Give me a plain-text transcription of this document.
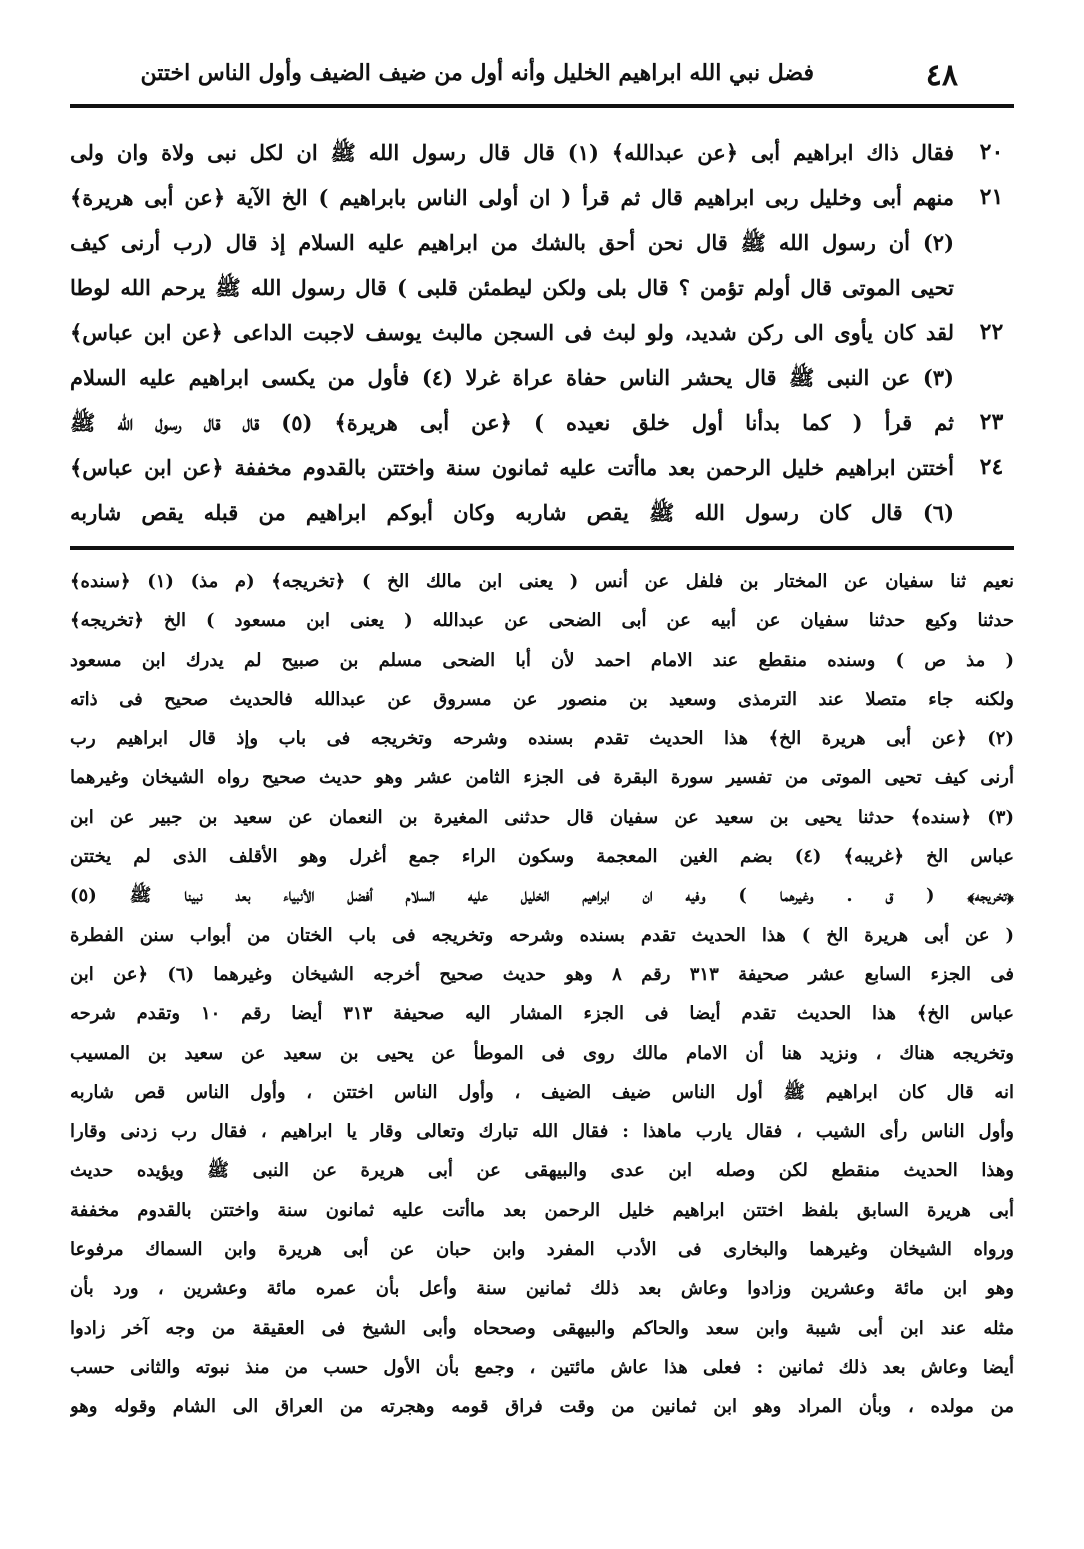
٤٨
فضل نبي الله ابراهيم الخليل وأنه أول من ضيف الضيف وأول الناس اختتن
٢٠
فقال ذاك ابراهيم أبى ﴿عن عبدالله﴾ (١) قال قال رسول الله ﷺ ان لكل نبى ولاة وان ولى
٢١
منهم أبى وخليل ربى ابراهيم قال ثم قرأ ( ان أولى الناس بابراهيم ) الخ الآية ﴿عن أبى هريرة﴾
(٢) أن رسول الله ﷺ قال نحن أحق بالشك من ابراهيم عليه السلام إذ قال (رب أرنى كيف
تحيى الموتى قال أولم تؤمن ؟ قال بلى ولكن ليطمئن قلبى ) قال رسول الله ﷺ يرحم الله لوطا
٢٢
لقد كان يأوى الى ركن شديد، ولو لبث فى السجن مالبث يوسف لاجبت الداعى ﴿عن ابن عباس﴾
(٣) عن النبى ﷺ قال يحشر الناس حفاة عراة غرلا (٤) فأول من يكسى ابراهيم عليه السلام
٢٣
ثم قرأ ( كما بدأنا أول خلق نعيده ) ﴿عن أبى هريرة﴾ (٥) قال قال رسول الله ﷺ
٢٤
أختتن ابراهيم خليل الرحمن بعد ماأتت عليه ثمانون سنة واختتن بالقدوم مخففة ﴿عن ابن عباس﴾
(٦) قال كان رسول الله ﷺ يقص شاربه وكان أبوكم ابراهيم من قبله يقص شاربه
نعيم ثنا سفيان عن المختار بن فلفل عن أنس ( يعنى ابن مالك الخ ) ﴿تخريجه﴾ (م مذ) (١) ﴿سنده﴾
حدثنا وكيع حدثنا سفيان عن أبيه عن أبى الضحى عن عبدالله ( يعنى ابن مسعود ) الخ ﴿تخريجه﴾
( مذ ص ) وسنده منقطع عند الامام احمد لأن أبا الضحى مسلم بن صبيح لم يدرك ابن مسعود
ولكنه جاء متصلا عند الترمذى وسعيد بن منصور عن مسروق عن عبدالله فالحديث صحيح فى ذاته
(٢) ﴿عن أبى هريرة الخ﴾ هذا الحديث تقدم بسنده وشرحه وتخريجه فى باب وإذ قال ابراهيم رب
أرنى كيف تحيى الموتى من تفسير سورة البقرة فى الجزء الثامن عشر وهو حديث صحيح رواه الشيخان وغيرهما
(٣) ﴿سنده﴾ حدثنا يحيى بن سعيد عن سفيان قال حدثنى المغيرة بن النعمان عن سعيد بن جبير عن ابن
عباس الخ ﴿غريبه﴾ (٤) بضم الغين المعجمة وسكون الراء جمع أغرل وهو الأقلف الذى لم يختتن
﴿تخريجه﴾ ( ق . وغيرهما ) وفيه ان ابراهيم الخليل عليه السلام أفضل الأنبياء بعد نبينا ﷺ (٥)
( عن أبى هريرة الخ ) هذا الحديث تقدم بسنده وشرحه وتخريجه فى باب الختان من أبواب سنن الفطرة
فى الجزء السابع عشر صحيفة ٣١٣ رقم ٨ وهو حديث صحيح أخرجه الشيخان وغيرهما (٦) ﴿عن ابن
عباس الخ﴾ هذا الحديث تقدم أيضا فى الجزء المشار اليه صحيفة ٣١٣ أيضا رقم ١٠ وتقدم شرحه
وتخريجه هناك ، ونزيد هنا أن الامام مالك روى فى الموطأ عن يحيى بن سعيد عن سعيد بن المسيب
انه قال كان ابراهيم ﷺ أول الناس ضيف الضيف ، وأول الناس اختتن ، وأول الناس قص شاربه
وأول الناس رأى الشيب ، فقال يارب ماهذا : فقال الله تبارك وتعالى وقار يا ابراهيم ، فقال رب زدنى وقارا
وهذا الحديث منقطع لكن وصله ابن عدى والبيهقى عن أبى هريرة عن النبى ﷺ ويؤيده حديث
أبى هريرة السابق بلفظ اختتن ابراهيم خليل الرحمن بعد ماأتت عليه ثمانون سنة واختتن بالقدوم مخففة
ورواه الشيخان وغيرهما والبخارى فى الأدب المفرد وابن حبان عن أبى هريرة وابن السماك مرفوعا
وهو ابن مائة وعشرين وزادوا وعاش بعد ذلك ثمانين سنة وأعل بأن عمره مائة وعشرين ، ورد بأن
مثله عند ابن أبى شيبة وابن سعد والحاكم والبيهقى وصححاه وأبى الشيخ فى العقيقة من وجه آخر زادوا
أيضا وعاش بعد ذلك ثمانين : فعلى هذا عاش مائتين ، وجمع بأن الأول حسب من منذ نبوته والثانى حسب
من مولده ، وبأن المراد وهو ابن ثمانين من وقت فراق قومه وهجرته من العراق الى الشام وقوله وهو
